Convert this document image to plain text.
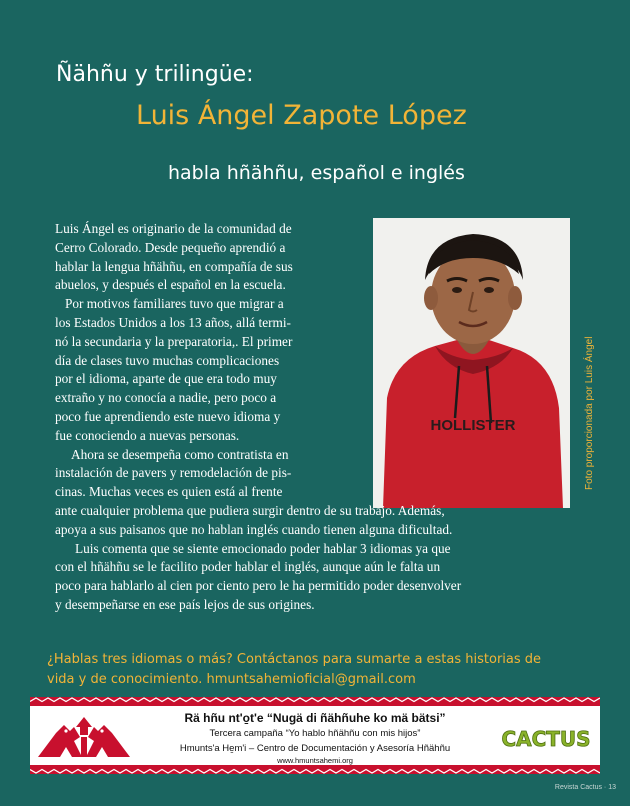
Ñähñu y trilingüe:
Luis Ángel Zapote López
habla hñähñu, español e inglés
HOLLISTER	Foto proporcionada por Luis Ángel
Luis Ángel es originario de la comunidad de
Cerro Colorado. Desde pequeño aprendió a
hablar la lengua hñähñu, en compañía de sus
abuelos, y después el español en la escuela.
Por motivos familiares tuvo que migrar a
los Estados Unidos a los 13 años, allá termi-
nó la secundaria y la preparatoria,. El primer
día de clases tuvo muchas complicaciones
por el idioma, aparte de que era todo muy
extraño y no conocía a nadie, pero poco a
poco fue aprendiendo este nuevo idioma y
fue conociendo a nuevas personas.
Ahora se desempeña como contratista en
instalación de pavers y remodelación de pis-
cinas. Muchas veces es quien está al frente
ante cualquier problema que pudiera surgir dentro de su trabajo. Además,
apoya a sus paisanos que no hablan inglés cuando tienen alguna dificultad.
Luis comenta que se siente emocionado poder hablar 3 idiomas ya que
con el hñähñu se le facilito poder hablar el inglés, aunque aún le falta un
poco para hablarlo al cien por ciento pero le ha permitido poder desenvolver
y desempeñarse en ese país lejos de sus origines.
¿Hablas tres idiomas o más? Contáctanos para sumarte a estas historias de
vida y de conocimiento. hmuntsahemioficial@gmail.com
Rä hñu nt'o̱t'e “Nugä di ñähñuhe ko mä bätsi”
Tercera campaña “Yo hablo hñähñu con mis hijos”
Hmunts'a He̱m'i – Centro de Documentación y Asesoría Hñähñu
www.hmuntsahemi.org
CACTUS
Revista Cactus · 13
